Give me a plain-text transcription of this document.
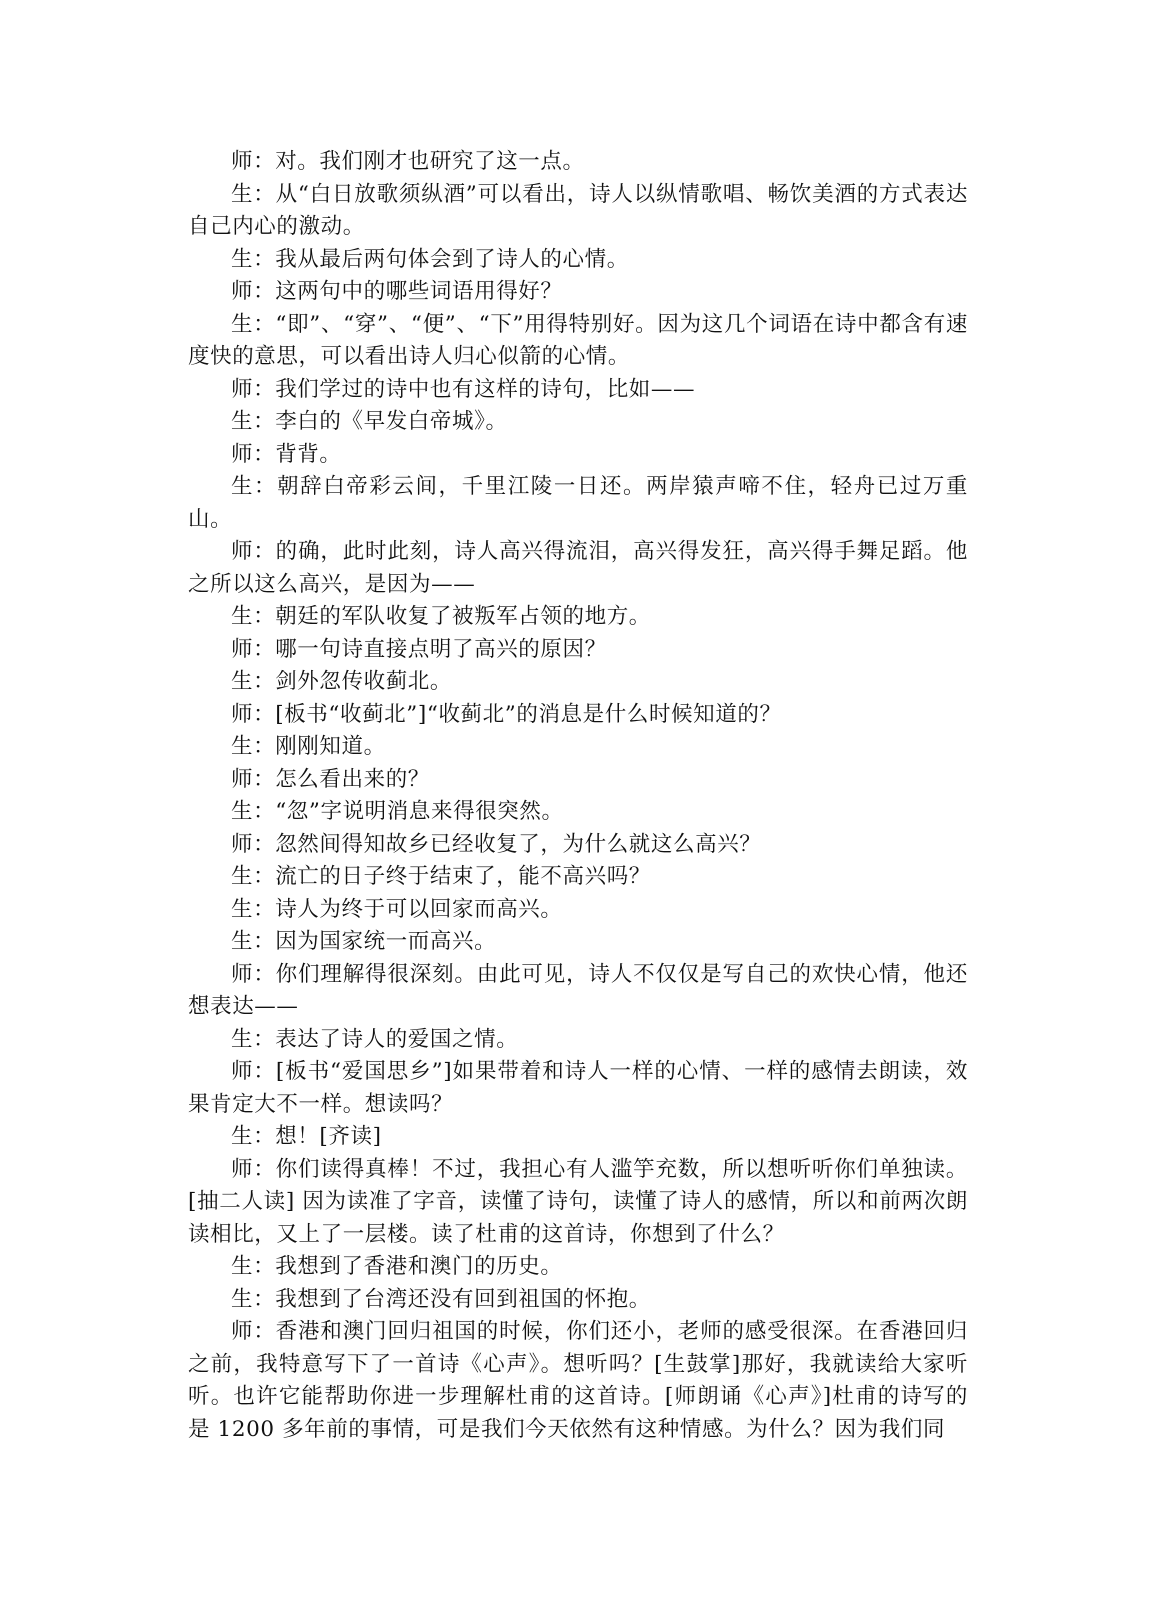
师：对。我们刚才也研究了这一点。

生：从“白日放歌须纵酒”可以看出，诗人以纵情歌唱、畅饮美酒的方式表达自己内心的激动。

生：我从最后两句体会到了诗人的心情。

师：这两句中的哪些词语用得好？

生：“即”、“穿”、“便”、“下”用得特别好。因为这几个词语在诗中都含有速度快的意思，可以看出诗人归心似箭的心情。

师：我们学过的诗中也有这样的诗句，比如——

生：李白的《早发白帝城》。

师：背背。

生：朝辞白帝彩云间，千里江陵一日还。两岸猿声啼不住，轻舟已过万重山。

师：的确，此时此刻，诗人高兴得流泪，高兴得发狂，高兴得手舞足蹈。他之所以这么高兴，是因为——

生：朝廷的军队收复了被叛军占领的地方。

师：哪一句诗直接点明了高兴的原因？

生：剑外忽传收蓟北。

师：[板书“收蓟北”]“收蓟北”的消息是什么时候知道的？

生：刚刚知道。

师：怎么看出来的？

生：“忽”字说明消息来得很突然。

师：忽然间得知故乡已经收复了，为什么就这么高兴？

生：流亡的日子终于结束了，能不高兴吗？

生：诗人为终于可以回家而高兴。

生：因为国家统一而高兴。

师：你们理解得很深刻。由此可见，诗人不仅仅是写自己的欢快心情，他还想表达——

生：表达了诗人的爱国之情。

师：[板书“爱国思乡”]如果带着和诗人一样的心情、一样的感情去朗读，效果肯定大不一样。想读吗？

生：想！[齐读]

师：你们读得真棒！不过，我担心有人滥竽充数，所以想听听你们单独读。[抽二人读] 因为读准了字音，读懂了诗句，读懂了诗人的感情，所以和前两次朗读相比，又上了一层楼。读了杜甫的这首诗，你想到了什么？

生：我想到了香港和澳门的历史。

生：我想到了台湾还没有回到祖国的怀抱。

师：香港和澳门回归祖国的时候，你们还小，老师的感受很深。在香港回归之前，我特意写下了一首诗《心声》。想听吗？[生鼓掌]那好，我就读给大家听听。也许它能帮助你进一步理解杜甫的这首诗。[师朗诵《心声》]杜甫的诗写的是 1200 多年前的事情，可是我们今天依然有这种情感。为什么？因为我们同
